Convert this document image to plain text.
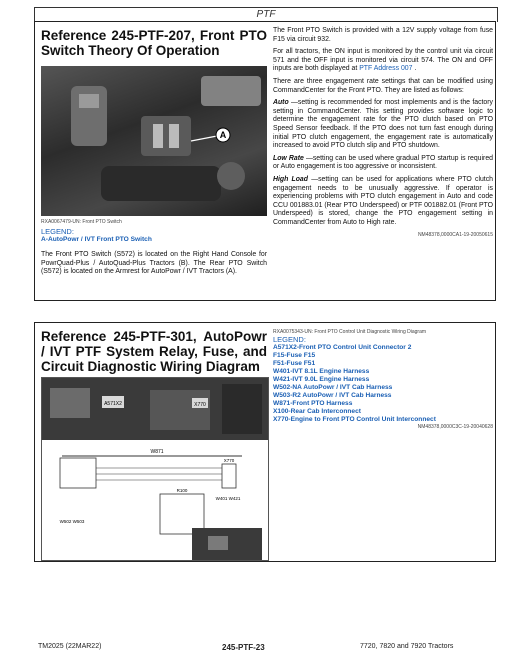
PTF
Reference 245-PTF-207, Front PTO Switch Theory Of Operation
A
RXA0067479-UN: Front PTO Switch
LEGEND:
A-AutoPowr / IVT Front PTO Switch
The Front PTO Switch (S572) is located on the Right Hand Console for PowrQuad-Plus / AutoQuad-Plus Tractors (B). The Rear PTO Switch (S572) is located on the Armrest for AutoPowr / IVT Tractors (A).

The Front PTO Switch is provided with a 12V supply voltage from fuse F15 via circuit 932.

For all tractors, the ON input is monitored by the control unit via circuit 571 and the OFF input is monitored via circuit 574. The ON and OFF inputs are both displayed at PTF Address 007 .

There are three engagement rate settings that can be modified using CommandCenter for the Front PTO. They are listed as follows:

Auto —setting is recommended for most implements and is the factory setting in CommandCenter. This setting provides software logic to determine the engagement rate for the PTO clutch based on PTO Speed Sensor feedback. If the PTO does not turn fast enough during initial PTO clutch engagement, the engagement rate is automatically increased to avoid PTO clutch slip and PTO shutdown.

Low Rate —setting can be used where gradual PTO startup is required or Auto engagement is too aggressive or inconsistent.

High Load —setting can be used for applications where PTO clutch engagement needs to be unusually aggressive. If operator is experiencing problems with PTO clutch engagement in Auto and code CCU 001883.01 (Rear PTO Underspeed) or PTF 001882.01 (Front PTO Underspeed) is stored, change the PTO engagement setting in CommandCenter from Auto to High rate.

NM48378,0000CA1-19-20050615
Reference 245-PTF-301, AutoPowr / IVT PTF System Relay, Fuse, and Circuit Diagnostic Wiring Diagram
A571X2	X770
W871
X770
R100
W401 W421
W502 W503
RXA0075343-UN: Front PTO Control Unit Diagnostic Wiring Diagram
LEGEND:
A571X2-Front PTO Control Unit Connector 2
F15-Fuse F15
F51-Fuse F51
W401-IVT 8.1L Engine Harness
W421-IVT 9.0L Engine Harness
W502-NA AutoPowr / IVT Cab Harness
W503-R2 AutoPowr / IVT Cab Harness
W871-Front PTO Harness
X100-Rear Cab Interconnect
X770-Engine to Front PTO Control Unit Interconnect
NM48378,0000C3C-19-20040628
TM2025 (22MAR22)	245-PTF-23	7720, 7820 and 7920 Tractors
